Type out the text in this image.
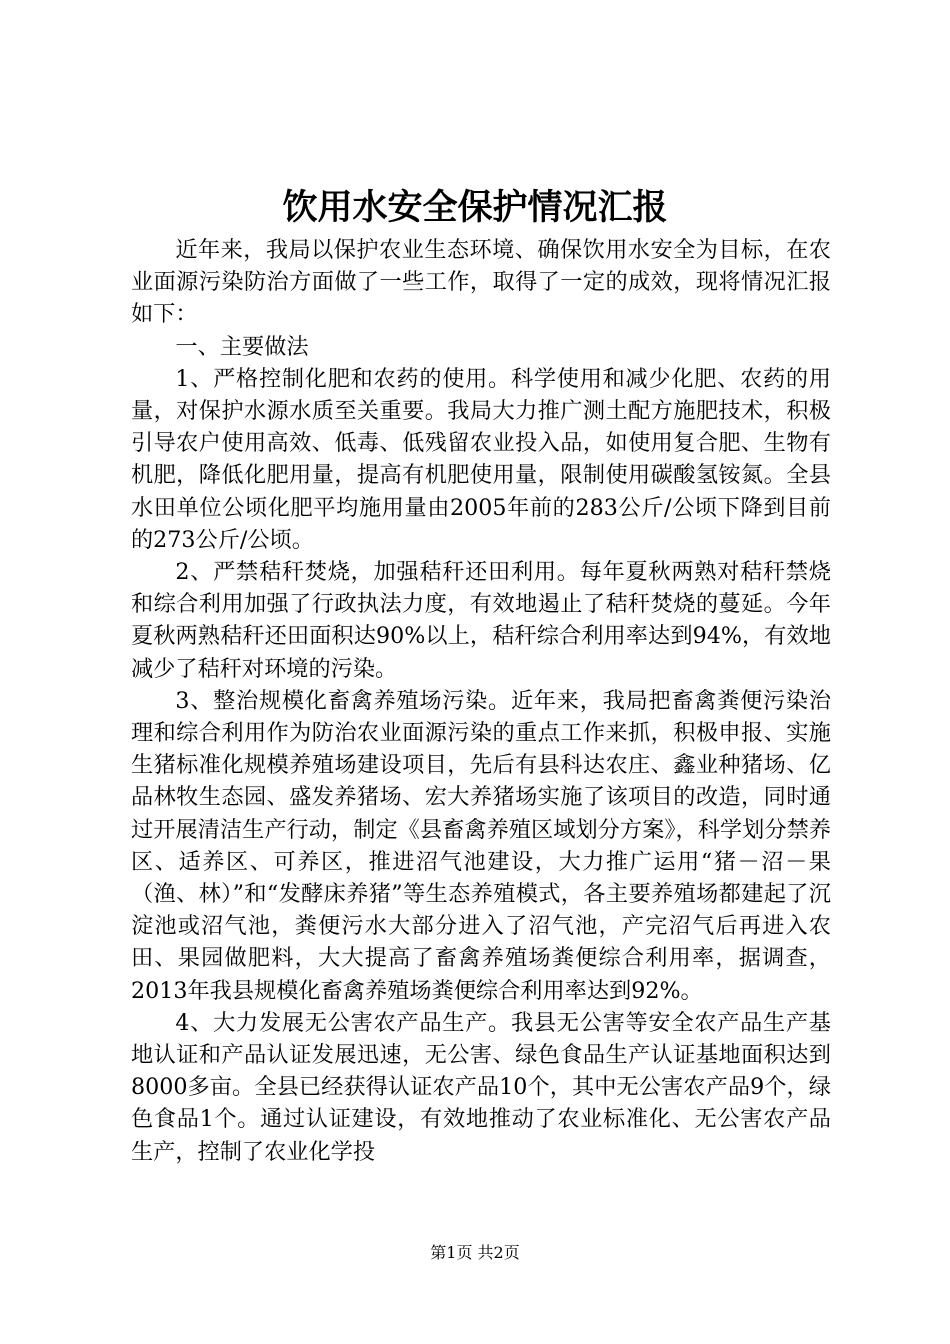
饮用水安全保护情况汇报

近年来，我局以保护农业生态环境、确保饮用水安全为目标，在农业面源污染防治方面做了一些工作，取得了一定的成效，现将情况汇报如下：

一、主要做法

1、严格控制化肥和农药的使用。科学使用和减少化肥、农药的用量，对保护水源水质至关重要。我局大力推广测土配方施肥技术，积极引导农户使用高效、低毒、低残留农业投入品，如使用复合肥、生物有机肥，降低化肥用量，提高有机肥使用量，限制使用碳酸氢铵氮。全县水田单位公顷化肥平均施用量由2005年前的283公斤/公顷下降到目前的273公斤/公顷。

2、严禁秸秆焚烧，加强秸秆还田利用。每年夏秋两熟对秸秆禁烧和综合利用加强了行政执法力度，有效地遏止了秸秆焚烧的蔓延。今年夏秋两熟秸秆还田面积达90%以上，秸秆综合利用率达到94%，有效地减少了秸秆对环境的污染。

3、整治规模化畜禽养殖场污染。近年来，我局把畜禽粪便污染治理和综合利用作为防治农业面源污染的重点工作来抓，积极申报、实施生猪标准化规模养殖场建设项目，先后有县科达农庄、鑫业种猪场、亿品林牧生态园、盛发养猪场、宏大养猪场实施了该项目的改造，同时通过开展清洁生产行动，制定《县畜禽养殖区域划分方案》，科学划分禁养区、适养区、可养区，推进沼气池建设，大力推广运用“猪－沼－果（渔、林）”和“发酵床养猪”等生态养殖模式，各主要养殖场都建起了沉淀池或沼气池，粪便污水大部分进入了沼气池，产完沼气后再进入农田、果园做肥料，大大提高了畜禽养殖场粪便综合利用率，据调查，2013年我县规模化畜禽养殖场粪便综合利用率达到92%。

4、大力发展无公害农产品生产。我县无公害等安全农产品生产基地认证和产品认证发展迅速，无公害、绿色食品生产认证基地面积达到8000多亩。全县已经获得认证农产品10个，其中无公害农产品9个，绿色食品1个。通过认证建设，有效地推动了农业标准化、无公害农产品生产，控制了农业化学投

第1页 共2页
